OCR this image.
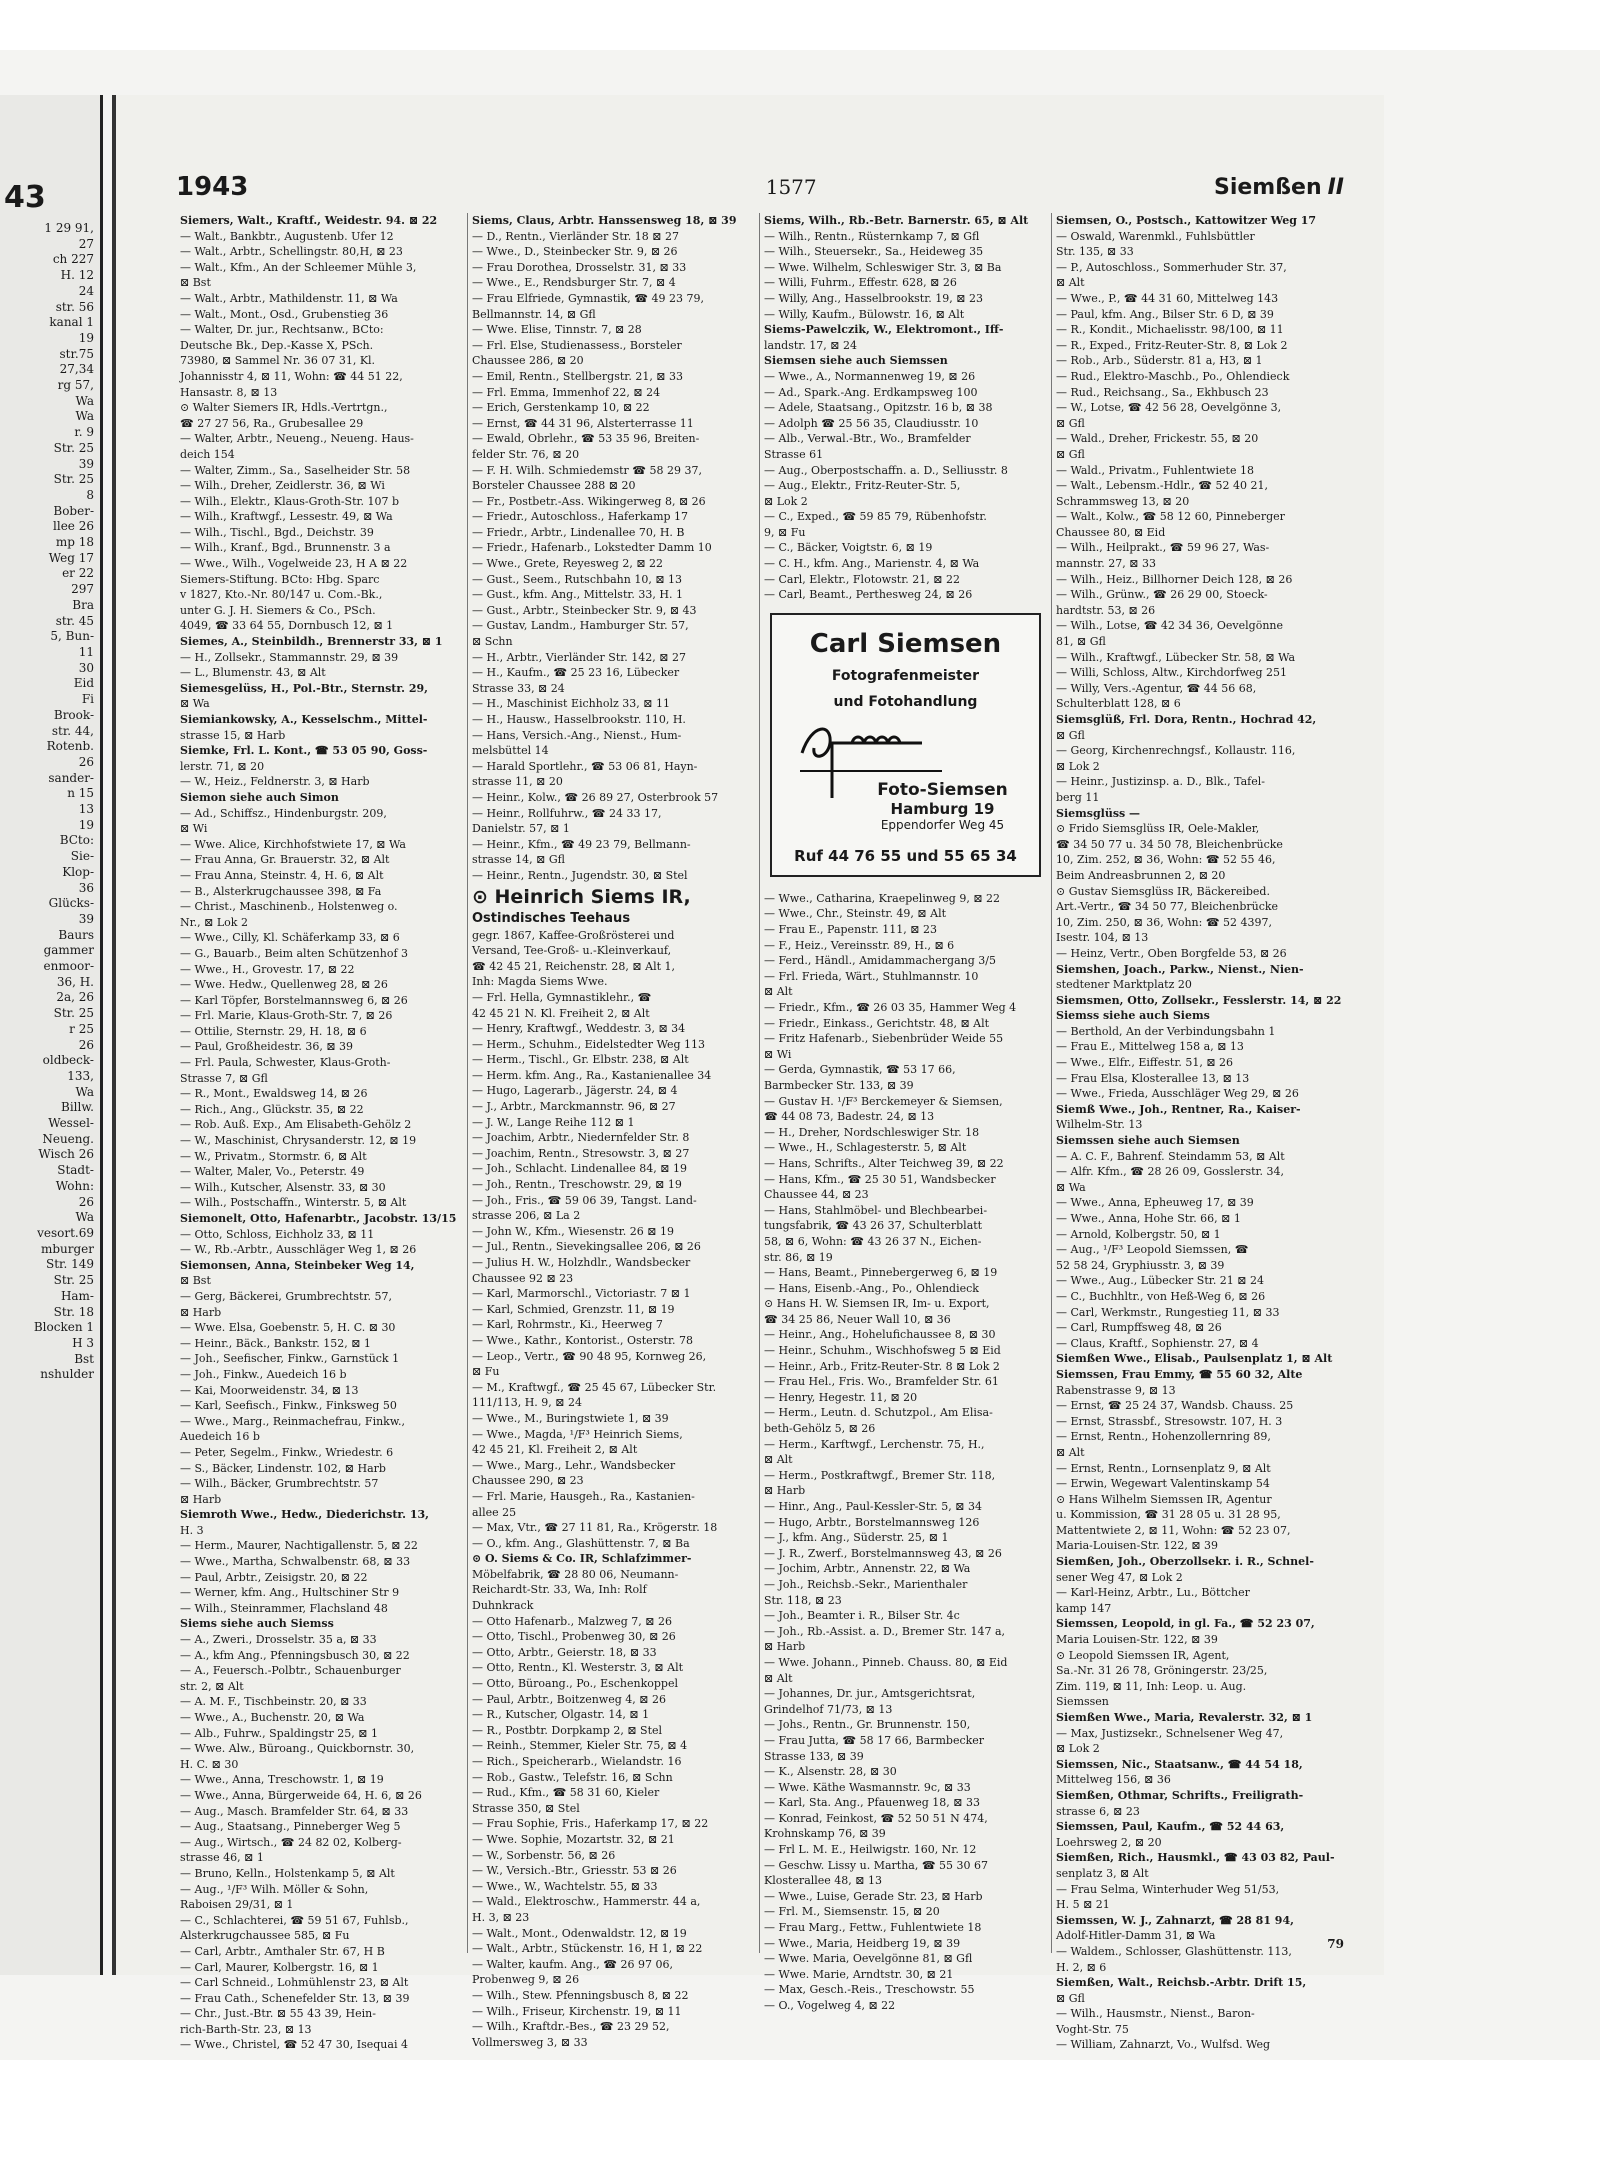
43
1 29 91,
27
ch 227
H. 12
24
str. 56
kanal 1
19
str.75
27,34
rg 57,
Wa
Wa
r. 9
Str. 25
39
Str. 25
8
Bober-
llee 26
mp 18
Weg 17
er 22
297
Bra
str. 45
5, Bun-
11
30
Eid
Fi
Brook-
str. 44,
Rotenb.
26
sander-
n 15
13
19
BCto:
Sie-
Klop-
36
Glücks-
39
Baurs
gammer
enmoor-
36, H.
2a, 26
Str. 25
r 25
26
oldbeck-
133,
Wa
Billw.
Wessel-
Neueng.
Wisch 26
Stadt-
Wohn:
26
Wa
vesort.69
mburger
Str. 149
Str. 25
Ham-
Str. 18
Blocken 1
H 3
Bst
nshulder
1943	1577	Siemßen II
Siemers, Walt., Kraftf., Weidestr. 94. ⊠ 22
— Walt., Bankbtr., Augustenb. Ufer 12
— Walt., Arbtr., Schellingstr. 80,H, ⊠ 23
— Walt., Kfm., An der Schleemer Mühle 3,
⊠ Bst
— Walt., Arbtr., Mathildenstr. 11, ⊠ Wa
— Walt., Mont., Osd., Grubenstieg 36
— Walter, Dr. jur., Rechtsanw., BCto:
Deutsche Bk., Dep.-Kasse X, PSch.
73980, ⊠ Sammel Nr. 36 07 31, Kl.
Johannisstr 4, ⊠ 11, Wohn: ☎ 44 51 22,
Hansastr. 8, ⊠ 13
⊙ Walter Siemers IR, Hdls.-Vertrtgn.,
☎ 27 27 56, Ra., Grubesallee 29
— Walter, Arbtr., Neueng., Neueng. Haus-
deich 154
— Walter, Zimm., Sa., Saselheider Str. 58
— Wilh., Dreher, Zeidlerstr. 36, ⊠ Wi
— Wilh., Elektr., Klaus-Groth-Str. 107 b
— Wilh., Kraftwgf., Lessestr. 49, ⊠ Wa
— Wilh., Tischl., Bgd., Deichstr. 39
— Wilh., Kranf., Bgd., Brunnenstr. 3 a
— Wwe., Wilh., Vogelweide 23, H A ⊠ 22
Siemers-Stiftung. BCto: Hbg. Sparc
v 1827, Kto.-Nr. 80/147 u. Com.-Bk.,
unter G. J. H. Siemers & Co., PSch.
4049, ☎ 33 64 55, Dornbusch 12, ⊠ 1
Siemes, A., Steinbildh., Brennerstr 33, ⊠ 1
— H., Zollsekr., Stammannstr. 29, ⊠ 39
— L., Blumenstr. 43, ⊠ Alt
Siemesgelüss, H., Pol.-Btr., Sternstr. 29,
⊠ Wa
Siemiankowsky, A., Kesselschm., Mittel-
strasse 15, ⊠ Harb
Siemke, Frl. L. Kont., ☎ 53 05 90, Goss-
lerstr. 71, ⊠ 20
— W., Heiz., Feldnerstr. 3, ⊠ Harb
Siemon siehe auch Simon
— Ad., Schiffsz., Hindenburgstr. 209,
⊠ Wi
— Wwe. Alice, Kirchhofstwiete 17, ⊠ Wa
— Frau Anna, Gr. Brauerstr. 32, ⊠ Alt
— Frau Anna, Steinstr. 4, H. 6, ⊠ Alt
— B., Alsterkrugchaussee 398, ⊠ Fa
— Christ., Maschinenb., Holstenweg o.
Nr., ⊠ Lok 2
— Wwe., Cilly, Kl. Schäferkamp 33, ⊠ 6
— G., Bauarb., Beim alten Schützenhof 3
— Wwe., H., Grovestr. 17, ⊠ 22
— Wwe. Hedw., Quellenweg 28, ⊠ 26
— Karl Töpfer, Borstelmannsweg 6, ⊠ 26
— Frl. Marie, Klaus-Groth-Str. 7, ⊠ 26
— Ottilie, Sternstr. 29, H. 18, ⊠ 6
— Paul, Großheidestr. 36, ⊠ 39
— Frl. Paula, Schwester, Klaus-Groth-
Strasse 7, ⊠ Gfl
— R., Mont., Ewaldsweg 14, ⊠ 26
— Rich., Ang., Glückstr. 35, ⊠ 22
— Rob. Auß. Exp., Am Elisabeth-Gehölz 2
— W., Maschinist, Chrysanderstr. 12, ⊠ 19
— W., Privatm., Stormstr. 6, ⊠ Alt
— Walter, Maler, Vo., Peterstr. 49
— Wilh., Kutscher, Alsenstr. 33, ⊠ 30
— Wilh., Postschaffn., Winterstr. 5, ⊠ Alt
Siemonelt, Otto, Hafenarbtr., Jacobstr. 13/15
— Otto, Schloss, Eichholz 33, ⊠ 11
— W., Rb.-Arbtr., Ausschläger Weg 1, ⊠ 26
Siemonsen, Anna, Steinbeker Weg 14,
⊠ Bst
— Gerg, Bäckerei, Grumbrechtstr. 57,
⊠ Harb
— Wwe. Elsa, Goebenstr. 5, H. C. ⊠ 30
— Heinr., Bäck., Bankstr. 152, ⊠ 1
— Joh., Seefischer, Finkw., Garnstück 1
— Joh., Finkw., Auedeich 16 b
— Kai, Moorweidenstr. 34, ⊠ 13
— Karl, Seefisch., Finkw., Finksweg 50
— Wwe., Marg., Reinmachefrau, Finkw.,
Auedeich 16 b
— Peter, Segelm., Finkw., Wriedestr. 6
— S., Bäcker, Lindenstr. 102, ⊠ Harb
— Wilh., Bäcker, Grumbrechtstr. 57
⊠ Harb
Siemroth Wwe., Hedw., Diederichstr. 13,
H. 3
— Herm., Maurer, Nachtigallenstr. 5, ⊠ 22
— Wwe., Martha, Schwalbenstr. 68, ⊠ 33
— Paul, Arbtr., Zeisigstr. 20, ⊠ 22
— Werner, kfm. Ang., Hultschiner Str 9
— Wilh., Steinrammer, Flachsland 48
Siems siehe auch Siemss
— A., Zweri., Drosselstr. 35 a, ⊠ 33
— A., kfm Ang., Pfenningsbusch 30, ⊠ 22
— A., Feuersch.-Polbtr., Schauenburger
str. 2, ⊠ Alt
— A. M. F., Tischbeinstr. 20, ⊠ 33
— Wwe., A., Buchenstr. 20, ⊠ Wa
— Alb., Fuhrw., Spaldingstr 25, ⊠ 1
— Wwe. Alw., Büroang., Quickbornstr. 30,
H. C. ⊠ 30
— Wwe., Anna, Treschowstr. 1, ⊠ 19
— Wwe., Anna, Bürgerweide 64, H. 6, ⊠ 26
— Aug., Masch. Bramfelder Str. 64, ⊠ 33
— Aug., Staatsang., Pinneberger Weg 5
— Aug., Wirtsch., ☎ 24 82 02, Kolberg-
strasse 46, ⊠ 1
— Bruno, Kelln., Holstenkamp 5, ⊠ Alt
— Aug., ¹/F³ Wilh. Möller & Sohn,
Raboisen 29/31, ⊠ 1
— C., Schlachterei, ☎ 59 51 67, Fuhlsb.,
Alsterkrugchaussee 585, ⊠ Fu
— Carl, Arbtr., Amthaler Str. 67, H B
— Carl, Maurer, Kolbergstr. 16, ⊠ 1
— Carl Schneid., Lohmühlenstr 23, ⊠ Alt
— Frau Cath., Schenefelder Str. 13, ⊠ 39
— Chr., Just.-Btr. ⊠ 55 43 39, Hein-
rich-Barth-Str. 23, ⊠ 13
— Wwe., Christel, ☎ 52 47 30, Isequai 4
Siems, Claus, Arbtr. Hanssensweg 18, ⊠ 39
— D., Rentn., Vierländer Str. 18 ⊠ 27
— Wwe., D., Steinbecker Str. 9, ⊠ 26
— Frau Dorothea, Drosselstr. 31, ⊠ 33
— Wwe., E., Rendsburger Str. 7, ⊠ 4
— Frau Elfriede, Gymnastik, ☎ 49 23 79,
Bellmannstr. 14, ⊠ Gfl
— Wwe. Elise, Tinnstr. 7, ⊠ 28
— Frl. Else, Studienassess., Borsteler
Chaussee 286, ⊠ 20
— Emil, Rentn., Stellbergstr. 21, ⊠ 33
— Frl. Emma, Immenhof 22, ⊠ 24
— Erich, Gerstenkamp 10, ⊠ 22
— Ernst, ☎ 44 31 96, Alsterterrasse 11
— Ewald, Obrlehr., ☎ 53 35 96, Breiten-
felder Str. 76, ⊠ 20
— F. H. Wilh. Schmiedemstr ☎ 58 29 37,
Borsteler Chaussee 288 ⊠ 20
— Fr., Postbetr.-Ass. Wikingerweg 8, ⊠ 26
— Friedr., Autoschloss., Haferkamp 17
— Friedr., Arbtr., Lindenallee 70, H. B
— Friedr., Hafenarb., Lokstedter Damm 10
— Wwe., Grete, Reyesweg 2, ⊠ 22
— Gust., Seem., Rutschbahn 10, ⊠ 13
— Gust., kfm. Ang., Mittelstr. 33, H. 1
— Gust., Arbtr., Steinbecker Str. 9, ⊠ 43
— Gustav, Landm., Hamburger Str. 57,
⊠ Schn
— H., Arbtr., Vierländer Str. 142, ⊠ 27
— H., Kaufm., ☎ 25 23 16, Lübecker
Strasse 33, ⊠ 24
— H., Maschinist Eichholz 33, ⊠ 11
— H., Hausw., Hasselbrookstr. 110, H.
— Hans, Versich.-Ang., Nienst., Hum-
melsbüttel 14
— Harald Sportlehr., ☎ 53 06 81, Hayn-
strasse 11, ⊠ 20
— Heinr., Kolw., ☎ 26 89 27, Osterbrook 57
— Heinr., Rollfuhrw., ☎ 24 33 17,
Danielstr. 57, ⊠ 1
— Heinr., Kfm., ☎ 49 23 79, Bellmann-
strasse 14, ⊠ Gfl
— Heinr., Rentn., Jugendstr. 30, ⊠ Stel
⊙ Heinrich Siems IR,
Ostindisches Teehaus
gegr. 1867, Kaffee-Großrösterei und
Versand, Tee-Groß- u.-Kleinverkauf,
☎ 42 45 21, Reichenstr. 28, ⊠ Alt 1,
Inh: Magda Siems Wwe.
— Frl. Hella, Gymnastiklehr., ☎
42 45 21 N. Kl. Freiheit 2, ⊠ Alt
— Henry, Kraftwgf., Weddestr. 3, ⊠ 34
— Herm., Schuhm., Eidelstedter Weg 113
— Herm., Tischl., Gr. Elbstr. 238, ⊠ Alt
— Herm. kfm. Ang., Ra., Kastanienallee 34
— Hugo, Lagerarb., Jägerstr. 24, ⊠ 4
— J., Arbtr., Marckmannstr. 96, ⊠ 27
— J. W., Lange Reihe 112 ⊠ 1
— Joachim, Arbtr., Niedernfelder Str. 8
— Joachim, Rentn., Stresowstr. 3, ⊠ 27
— Joh., Schlacht. Lindenallee 84, ⊠ 19
— Joh., Rentn., Treschowstr. 29, ⊠ 19
— Joh., Fris., ☎ 59 06 39, Tangst. Land-
strasse 206, ⊠ La 2
— John W., Kfm., Wiesenstr. 26 ⊠ 19
— Jul., Rentn., Sievekingsallee 206, ⊠ 26
— Julius H. W., Holzhdlr., Wandsbecker
Chaussee 92 ⊠ 23
— Karl, Marmorschl., Victoriastr. 7 ⊠ 1
— Karl, Schmied, Grenzstr. 11, ⊠ 19
— Karl, Rohrmstr., Ki., Heerweg 7
— Wwe., Kathr., Kontorist., Osterstr. 78
— Leop., Vertr., ☎ 90 48 95, Kornweg 26,
⊠ Fu
— M., Kraftwgf., ☎ 25 45 67, Lübecker Str.
111/113, H. 9, ⊠ 24
— Wwe., M., Buringstwiete 1, ⊠ 39
— Wwe., Magda, ¹/F³ Heinrich Siems,
42 45 21, Kl. Freiheit 2, ⊠ Alt
— Wwe., Marg., Lehr., Wandsbecker
Chaussee 290, ⊠ 23
— Frl. Marie, Hausgeh., Ra., Kastanien-
allee 25
— Max, Vtr., ☎ 27 11 81, Ra., Krögerstr. 18
— O., kfm. Ang., Glashüttenstr. 7, ⊠ Ba
⊙ O. Siems & Co. IR, Schlafzimmer-
Möbelfabrik, ☎ 28 80 06, Neumann-
Reichardt-Str. 33, Wa, Inh: Rolf
Duhnkrack
— Otto Hafenarb., Malzweg 7, ⊠ 26
— Otto, Tischl., Probenweg 30, ⊠ 26
— Otto, Arbtr., Geierstr. 18, ⊠ 33
— Otto, Rentn., Kl. Westerstr. 3, ⊠ Alt
— Otto, Büroang., Po., Eschenkoppel
— Paul, Arbtr., Boitzenweg 4, ⊠ 26
— R., Kutscher, Olgastr. 14, ⊠ 1
— R., Postbtr. Dorpkamp 2, ⊠ Stel
— Reinh., Stemmer, Kieler Str. 75, ⊠ 4
— Rich., Speicherarb., Wielandstr. 16
— Rob., Gastw., Telefstr. 16, ⊠ Schn
— Rud., Kfm., ☎ 58 31 60, Kieler
Strasse 350, ⊠ Stel
— Frau Sophie, Fris., Haferkamp 17, ⊠ 22
— Wwe. Sophie, Mozartstr. 32, ⊠ 21
— W., Sorbenstr. 56, ⊠ 26
— W., Versich.-Btr., Griesstr. 53 ⊠ 26
— Wwe., W., Wachtelstr. 55, ⊠ 33
— Wald., Elektroschw., Hammerstr. 44 a,
H. 3, ⊠ 23
— Walt., Mont., Odenwaldstr. 12, ⊠ 19
— Walt., Arbtr., Stückenstr. 16, H 1, ⊠ 22
— Walter, kaufm. Ang., ☎ 26 97 06,
Probenweg 9, ⊠ 26
— Wilh., Stew. Pfenningsbusch 8, ⊠ 22
— Wilh., Friseur, Kirchenstr. 19, ⊠ 11
— Wilh., Kraftdr.-Bes., ☎ 23 29 52,
Vollmersweg 3, ⊠ 33
Siems, Wilh., Rb.-Betr. Barnerstr. 65, ⊠ Alt
— Wilh., Rentn., Rüsternkamp 7, ⊠ Gfl
— Wilh., Steuersekr., Sa., Heideweg 35
— Wwe. Wilhelm, Schleswiger Str. 3, ⊠ Ba
— Willi, Fuhrm., Effestr. 628, ⊠ 26
— Willy, Ang., Hasselbrookstr. 19, ⊠ 23
— Willy, Kaufm., Bülowstr. 16, ⊠ Alt
Siems-Pawelczik, W., Elektromont., Iff-
landstr. 17, ⊠ 24
Siemsen siehe auch Siemssen
— Wwe., A., Normannenweg 19, ⊠ 26
— Ad., Spark.-Ang. Erdkampsweg 100
— Adele, Staatsang., Opitzstr. 16 b, ⊠ 38
— Adolph ☎ 25 56 35, Claudiusstr. 10
— Alb., Verwal.-Btr., Wo., Bramfelder
Strasse 61
— Aug., Oberpostschaffn. a. D., Selliusstr. 8
— Aug., Elektr., Fritz-Reuter-Str. 5,
⊠ Lok 2
— C., Exped., ☎ 59 85 79, Rübenhofstr.
9, ⊠ Fu
— C., Bäcker, Voigtstr. 6, ⊠ 19
— C. H., kfm. Ang., Marienstr. 4, ⊠ Wa
— Carl, Elektr., Flotowstr. 21, ⊠ 22
— Carl, Beamt., Perthesweg 24, ⊠ 26
Carl Siemsen
Fotografenmeister
und Fotohandlung
Foto-Siemsen
Hamburg 19
Eppendorfer Weg 45
Ruf 44 76 55 und 55 65 34
— Wwe., Catharina, Kraepelinweg 9, ⊠ 22
— Wwe., Chr., Steinstr. 49, ⊠ Alt
— Frau E., Papenstr. 111, ⊠ 23
— F., Heiz., Vereinsstr. 89, H., ⊠ 6
— Ferd., Händl., Amidammachergang 3/5
— Frl. Frieda, Wärt., Stuhlmannstr. 10
⊠ Alt
— Friedr., Kfm., ☎ 26 03 35, Hammer Weg 4
— Friedr., Einkass., Gerichtstr. 48, ⊠ Alt
— Fritz Hafenarb., Siebenbrüder Weide 55
⊠ Wi
— Gerda, Gymnastik, ☎ 53 17 66,
Barmbecker Str. 133, ⊠ 39
— Gustav H. ¹/F³ Berckemeyer & Siemsen,
☎ 44 08 73, Badestr. 24, ⊠ 13
— H., Dreher, Nordschleswiger Str. 18
— Wwe., H., Schlagesterstr. 5, ⊠ Alt
— Hans, Schrifts., Alter Teichweg 39, ⊠ 22
— Hans, Kfm., ☎ 25 30 51, Wandsbecker
Chaussee 44, ⊠ 23
— Hans, Stahlmöbel- und Blechbearbei-
tungsfabrik, ☎ 43 26 37, Schulterblatt
58, ⊠ 6, Wohn: ☎ 43 26 37 N., Eichen-
str. 86, ⊠ 19
— Hans, Beamt., Pinnebergerweg 6, ⊠ 19
— Hans, Eisenb.-Ang., Po., Ohlendieck
⊙ Hans H. W. Siemsen IR, Im- u. Export,
☎ 34 25 86, Neuer Wall 10, ⊠ 36
— Heinr., Ang., Hohelufichaussee 8, ⊠ 30
— Heinr., Schuhm., Wischhofsweg 5 ⊠ Eid
— Heinr., Arb., Fritz-Reuter-Str. 8 ⊠ Lok 2
— Frau Hel., Fris. Wo., Bramfelder Str. 61
— Henry, Hegestr. 11, ⊠ 20
— Herm., Leutn. d. Schutzpol., Am Elisa-
beth-Gehölz 5, ⊠ 26
— Herm., Karftwgf., Lerchenstr. 75, H.,
⊠ Alt
— Herm., Postkraftwgf., Bremer Str. 118,
⊠ Harb
— Hinr., Ang., Paul-Kessler-Str. 5, ⊠ 34
— Hugo, Arbtr., Borstelmannsweg 126
— J., kfm. Ang., Süderstr. 25, ⊠ 1
— J. R., Zwerf., Borstelmannsweg 43, ⊠ 26
— Jochim, Arbtr., Annenstr. 22, ⊠ Wa
— Joh., Reichsb.-Sekr., Marienthaler
Str. 118, ⊠ 23
— Joh., Beamter i. R., Bilser Str. 4c
— Joh., Rb.-Assist. a. D., Bremer Str. 147 a,
⊠ Harb
— Wwe. Johann., Pinneb. Chauss. 80, ⊠ Eid
⊠ Alt
— Johannes, Dr. jur., Amtsgerichtsrat,
Grindelhof 71/73, ⊠ 13
— Johs., Rentn., Gr. Brunnenstr. 150,
— Frau Jutta, ☎ 58 17 66, Barmbecker
Strasse 133, ⊠ 39
— K., Alsenstr. 28, ⊠ 30
— Wwe. Käthe Wasmannstr. 9c, ⊠ 33
— Karl, Sta. Ang., Pfauenweg 18, ⊠ 33
— Konrad, Feinkost, ☎ 52 50 51 N 474,
Krohnskamp 76, ⊠ 39
— Frl L. M. E., Heilwigstr. 160, Nr. 12
— Geschw. Lissy u. Martha, ☎ 55 30 67
Klosterallee 48, ⊠ 13
— Wwe., Luise, Gerade Str. 23, ⊠ Harb
— Frl. M., Siemsenstr. 15, ⊠ 20
— Frau Marg., Fettw., Fuhlentwiete 18
— Wwe., Maria, Heidberg 19, ⊠ 39
— Wwe. Maria, Oevelgönne 81, ⊠ Gfl
— Wwe. Marie, Arndtstr. 30, ⊠ 21
— Max, Gesch.-Reis., Treschowstr. 55
— O., Vogelweg 4, ⊠ 22
Siemsen, O., Postsch., Kattowitzer Weg 17
— Oswald, Warenmkl., Fuhlsbüttler
Str. 135, ⊠ 33
— P., Autoschloss., Sommerhuder Str. 37,
⊠ Alt
— Wwe., P., ☎ 44 31 60, Mittelweg 143
— Paul, kfm. Ang., Bilser Str. 6 D, ⊠ 39
— R., Kondit., Michaelisstr. 98/100, ⊠ 11
— R., Exped., Fritz-Reuter-Str. 8, ⊠ Lok 2
— Rob., Arb., Süderstr. 81 a, H3, ⊠ 1
— Rud., Elektro-Maschb., Po., Ohlendieck
— Rud., Reichsang., Sa., Ekhbusch 23
— W., Lotse, ☎ 42 56 28, Oevelgönne 3,
⊠ Gfl
— Wald., Dreher, Frickestr. 55, ⊠ 20
⊠ Gfl
— Wald., Privatm., Fuhlentwiete 18
— Walt., Lebensm.-Hdlr., ☎ 52 40 21,
Schrammsweg 13, ⊠ 20
— Walt., Kolw., ☎ 58 12 60, Pinneberger
Chaussee 80, ⊠ Eid
— Wilh., Heilprakt., ☎ 59 96 27, Was-
mannstr. 27, ⊠ 33
— Wilh., Heiz., Billhorner Deich 128, ⊠ 26
— Wilh., Grünw., ☎ 26 29 00, Stoeck-
hardtstr. 53, ⊠ 26
— Wilh., Lotse, ☎ 42 34 36, Oevelgönne
81, ⊠ Gfl
— Wilh., Kraftwgf., Lübecker Str. 58, ⊠ Wa
— Willi, Schloss, Altw., Kirchdorfweg 251
— Willy, Vers.-Agentur, ☎ 44 56 68,
Schulterblatt 128, ⊠ 6
Siemsglüß, Frl. Dora, Rentn., Hochrad 42,
⊠ Gfl
— Georg, Kirchenrechngsf., Kollaustr. 116,
⊠ Lok 2
— Heinr., Justizinsp. a. D., Blk., Tafel-
berg 11
Siemsglüss —
⊙ Frido Siemsglüss IR, Oele-Makler,
☎ 34 50 77 u. 34 50 78, Bleichenbrücke
10, Zim. 252, ⊠ 36, Wohn: ☎ 52 55 46,
Beim Andreasbrunnen 2, ⊠ 20
⊙ Gustav Siemsglüss IR, Bäckereibed.
Art.-Vertr., ☎ 34 50 77, Bleichenbrücke
10, Zim. 250, ⊠ 36, Wohn: ☎ 52 4397,
Isestr. 104, ⊠ 13
— Heinz, Vertr., Oben Borgfelde 53, ⊠ 26
Siemshen, Joach., Parkw., Nienst., Nien-
stedtener Marktplatz 20
Siemsmen, Otto, Zollsekr., Fesslerstr. 14, ⊠ 22
Siemss siehe auch Siems
— Berthold, An der Verbindungsbahn 1
— Frau E., Mittelweg 158 a, ⊠ 13
— Wwe., Elfr., Eiffestr. 51, ⊠ 26
— Frau Elsa, Klosterallee 13, ⊠ 13
— Wwe., Frieda, Ausschläger Weg 29, ⊠ 26
Siemß Wwe., Joh., Rentner, Ra., Kaiser-
Wilhelm-Str. 13
Siemssen siehe auch Siemsen
— A. C. F., Bahrenf. Steindamm 53, ⊠ Alt
— Alfr. Kfm., ☎ 28 26 09, Gosslerstr. 34,
⊠ Wa
— Wwe., Anna, Epheuweg 17, ⊠ 39
— Wwe., Anna, Hohe Str. 66, ⊠ 1
— Arnold, Kolbergstr. 50, ⊠ 1
— Aug., ¹/F³ Leopold Siemssen, ☎
52 58 24, Gryphiusstr. 3, ⊠ 39
— Wwe., Aug., Lübecker Str. 21 ⊠ 24
— C., Buchhltr., von Heß-Weg 6, ⊠ 26
— Carl, Werkmstr., Rungestieg 11, ⊠ 33
— Carl, Rumpffsweg 48, ⊠ 26
— Claus, Kraftf., Sophienstr. 27, ⊠ 4
Siemßen Wwe., Elisab., Paulsenplatz 1, ⊠ Alt
Siemssen, Frau Emmy, ☎ 55 60 32, Alte
Rabenstrasse 9, ⊠ 13
— Ernst, ☎ 25 24 37, Wandsb. Chauss. 25
— Ernst, Strassbf., Stresowstr. 107, H. 3
— Ernst, Rentn., Hohenzollernring 89,
⊠ Alt
— Ernst, Rentn., Lornsenplatz 9, ⊠ Alt
— Erwin, Wegewart Valentinskamp 54
⊙ Hans Wilhelm Siemssen IR, Agentur
u. Kommission, ☎ 31 28 05 u. 31 28 95,
Mattentwiete 2, ⊠ 11, Wohn: ☎ 52 23 07,
Maria-Louisen-Str. 122, ⊠ 39
Siemßen, Joh., Oberzollsekr. i. R., Schnel-
sener Weg 47, ⊠ Lok 2
— Karl-Heinz, Arbtr., Lu., Böttcher
kamp 147
Siemssen, Leopold, in gl. Fa., ☎ 52 23 07,
Maria Louisen-Str. 122, ⊠ 39
⊙ Leopold Siemssen IR, Agent,
Sa.-Nr. 31 26 78, Gröningerstr. 23/25,
Zim. 119, ⊠ 11, Inh: Leop. u. Aug.
Siemssen
Siemßen Wwe., Maria, Revalerstr. 32, ⊠ 1
— Max, Justizsekr., Schnelsener Weg 47,
⊠ Lok 2
Siemssen, Nic., Staatsanw., ☎ 44 54 18,
Mittelweg 156, ⊠ 36
Siemßen, Othmar, Schrifts., Freiligrath-
strasse 6, ⊠ 23
Siemssen, Paul, Kaufm., ☎ 52 44 63,
Loehrsweg 2, ⊠ 20
Siemßen, Rich., Hausmkl., ☎ 43 03 82, Paul-
senplatz 3, ⊠ Alt
— Frau Selma, Winterhuder Weg 51/53,
H. 5 ⊠ 21
Siemssen, W. J., Zahnarzt, ☎ 28 81 94,
Adolf-Hitler-Damm 31, ⊠ Wa
— Waldem., Schlosser, Glashüttenstr. 113,
H. 2, ⊠ 6
Siemßen, Walt., Reichsb.-Arbtr. Drift 15,
⊠ Gfl
— Wilh., Hausmstr., Nienst., Baron-
Voght-Str. 75
— William, Zahnarzt, Vo., Wulfsd. Weg
79
